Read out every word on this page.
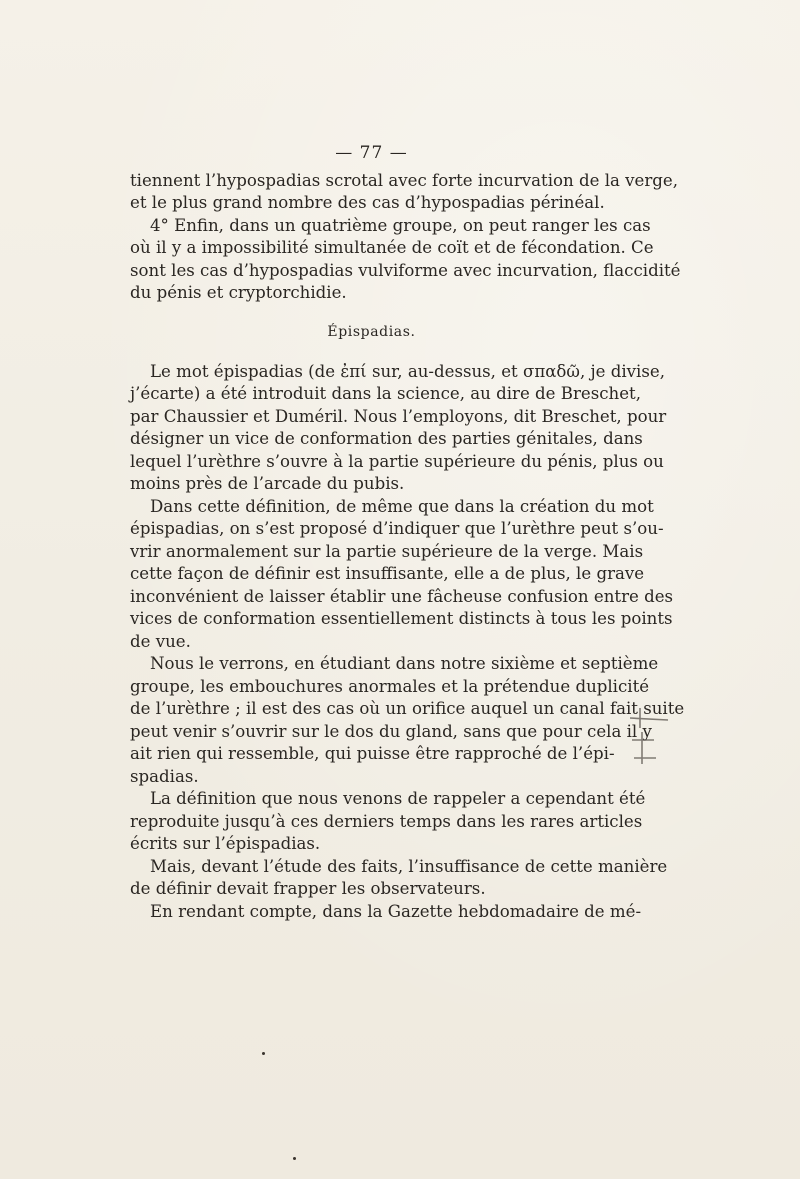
— 77 —
tiennent l’hypospadias scrotal avec forte incurvation de la verge,
et le plus grand nombre des cas d’hypospadias périnéal.
4° Enfin, dans un quatrième groupe, on peut ranger les cas
où il y a impossibilité simultanée de coït et de fécondation. Ce
sont les cas d’hypospadias vulviforme avec incurvation, flaccidité
du pénis et cryptorchidie.
Épispadias.
Le mot épispadias (de ἐπί sur, au-dessus, et σπαδῶ, je divise,
j’écarte) a été introduit dans la science, au dire de Breschet,
par Chaussier et Duméril. Nous l’employons, dit Breschet, pour
désigner un vice de conformation des parties génitales, dans
lequel l’urèthre s’ouvre à la partie supérieure du pénis, plus ou
moins près de l’arcade du pubis.
Dans cette définition, de même que dans la création du mot
épispadias, on s’est proposé d’indiquer que l’urèthre peut s’ou-
vrir anormalement sur la partie supérieure de la verge. Mais
cette façon de définir est insuffisante, elle a de plus, le grave
inconvénient de laisser établir une fâcheuse confusion entre des
vices de conformation essentiellement distincts à tous les points
de vue.
Nous le verrons, en étudiant dans notre sixième et septième
groupe, les embouchures anormales et la prétendue duplicité
de l’urèthre ; il est des cas où un orifice auquel un canal fait suite
peut venir s’ouvrir sur le dos du gland, sans que pour cela il y
ait rien qui ressemble, qui puisse être rapproché de l’épi-
spadias.
La définition que nous venons de rappeler a cependant été
reproduite jusqu’à ces derniers temps dans les rares articles
écrits sur l’épispadias.
Mais, devant l’étude des faits, l’insuffisance de cette manière
de définir devait frapper les observateurs.
En rendant compte, dans la Gazette hebdomadaire de mé-
